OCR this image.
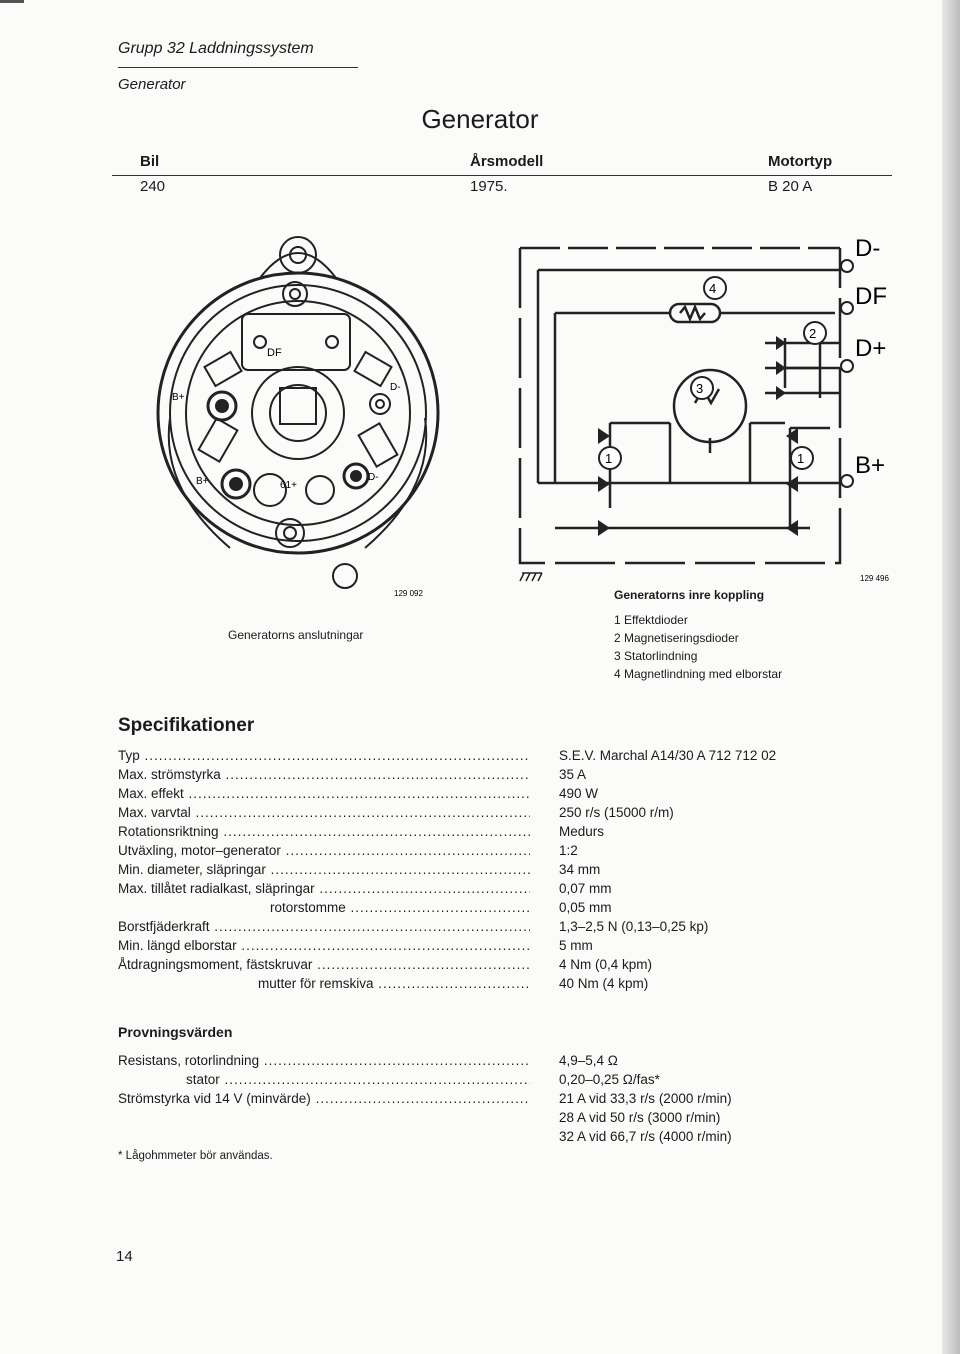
Grupp 32 Laddningssystem
Generator
Generator
Bil	Årsmodell	Motortyp
240	1975.	B 20 A
DF
B+
D-
B+	61+
D-
129 092
Generatorns anslutningar
D-
DF
D+
B+
4
2
3
1	1
129 496
Generatorns inre koppling
1 Effektdioder
2 Magnetiseringsdioder
3 Statorlindning
4 Magnetlindning med elborstar
Specifikationer
Typ .....	S.E.V. Marchal A14/30 A 712 712 02
Max. strömstyrka .....	35 A
Max. effekt .....	490 W
Max. varvtal .....	250 r/s (15000 r/m)
Rotationsriktning .....	Medurs
Utväxling, motor–generator .....	1:2
Min. diameter, släpringar .....	34 mm
Max. tillåtet radialkast, släpringar .....	0,07 mm
rotorstomme .....	0,05 mm
Borstfjäderkraft .....	1,3–2,5 N (0,13–0,25 kp)
Min. längd elborstar .....	5 mm
Åtdragningsmoment, fästskruvar .....	4 Nm (0,4 kpm)
mutter för remskiva .....	40 Nm (4 kpm)
Provningsvärden
Resistans, rotorlindning .....	4,9–5,4 Ω
stator .....	0,20–0,25 Ω/fas*
Strömstyrka vid 14 V (minvärde) .....	21 A vid 33,3 r/s (2000 r/min)
28 A vid 50 r/s (3000 r/min)
32 A vid 66,7 r/s (4000 r/min)
* Lågohmmeter bör användas.
14
